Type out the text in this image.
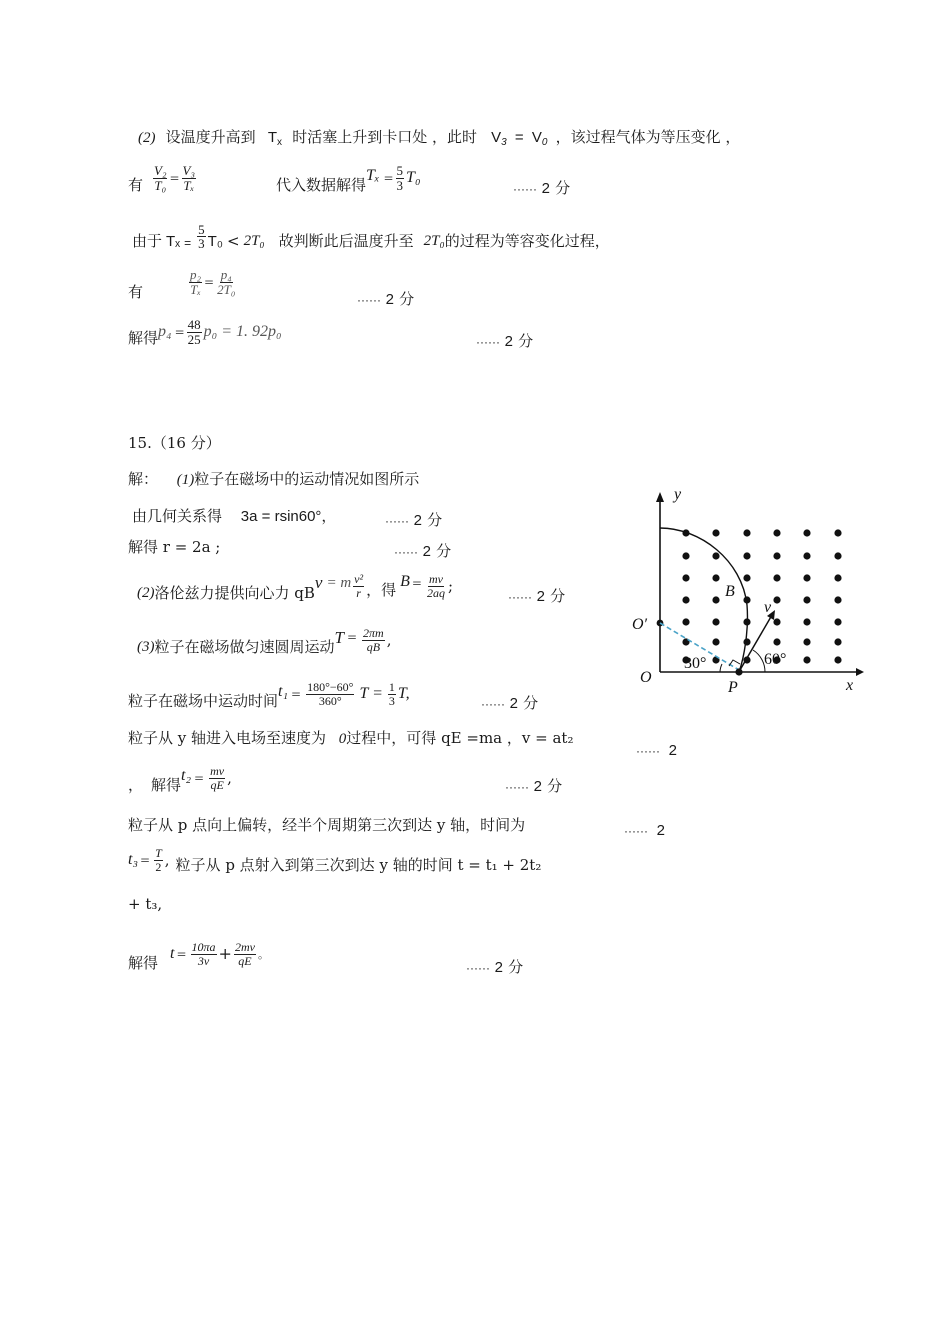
(2) 设温度升高到 $T_x$ 时活塞上升到卡口处 ，此时 $V_3 = V_0$ ，该过程气体为等压变化 ，
有 $\frac{\text{V₂}}{\text{T₀}} = \frac{\text{V₃}}{\text{Tₓ}}$	代入数据解得 $T_x = \frac{5}{3} T_0$
······ 2 分
由于 $T_x = \frac{5}{3} T_0 < 2T_0$ 故判断此后温度升至 2T₀ 的过程为等容变化过程，
有	$\frac{\text{p₂}}{\text{Tₓ}} = \frac{\text{p₄}}{\text{2T₀}}$
······ 2 分
解得 $p_4 = \frac{48}{25} p_0 = 1$. 92p₀
······ 2 分
15.（16 分）
解： (1)粒子在磁场中的运动情况如图所示
由几何关系得 3a = rsin60°，	······ 2 分
解得 r = 2a ;	······ 2 分
(2) 洛伦兹力提供向心力 qB
v = m $\frac{\text{v²}}{r}$ ，得 $B = \frac{mv}{2aq}$ ;
······ 2 分
(3) 粒子在磁场做匀速圆周运动 $T = \frac{2\pi m}{qB}$ ,
粒子在磁场中运动时间 $t_1 = \frac{180^\circ-60^\circ}{360^\circ}$ $T = \frac{1}{3} T$,
······ 2 分
粒子从 y 轴进入电场至速度为 0过程中，可得 qE =ma ，v = at₂
······ 2
， 解得 $t_2 = \frac{mv}{qE}$ ,
······ 2 分
粒子从 p 点向上偏转，经半个周期第三次到达 y 轴，时间为	······ 2
$t_3 = \frac{T}{2}$ , 粒子从 p 点射入到第三次到达 y 轴的时间 t = t₁ + 2t₂
+ t₃,
解得 $t = \frac{10\pi a}{3v} + \frac{2mv}{qE}$ 。
······ 2 分
y
x
O
O′
P
B
v
30°	60°
